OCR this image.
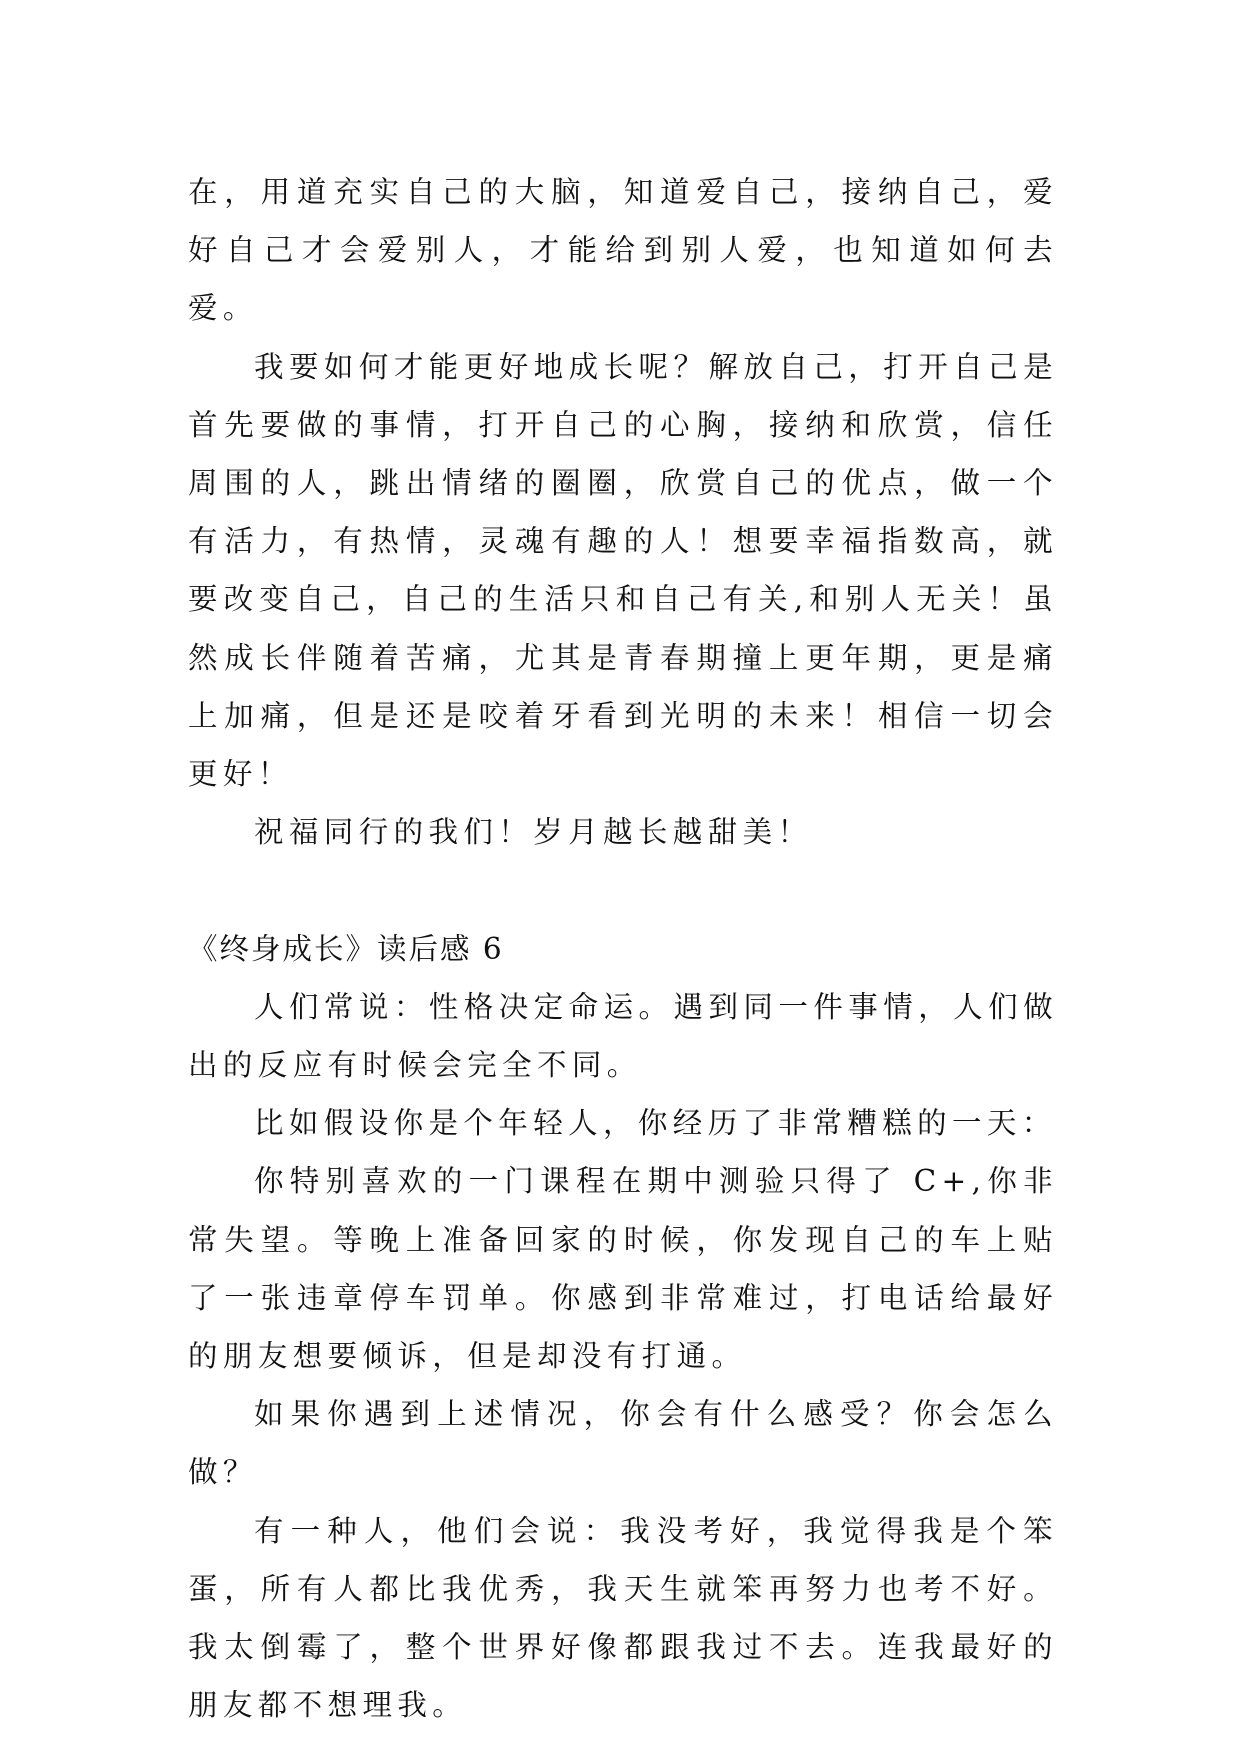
在，用道充实自己的大脑，知道爱自己，接纳自己，爱好自己才会爱别人，才能给到别人爱，也知道如何去爱。

我要如何才能更好地成长呢？解放自己，打开自己是首先要做的事情，打开自己的心胸，接纳和欣赏，信任周围的人，跳出情绪的圈圈，欣赏自己的优点，做一个有活力，有热情，灵魂有趣的人！想要幸福指数高，就要改变自己，自己的生活只和自己有关,和别人无关！虽然成长伴随着苦痛，尤其是青春期撞上更年期，更是痛上加痛，但是还是咬着牙看到光明的未来！相信一切会更好！

祝福同行的我们！岁月越长越甜美！

《终身成长》读后感 6

人们常说：性格决定命运。遇到同一件事情，人们做出的反应有时候会完全不同。

比如假设你是个年轻人，你经历了非常糟糕的一天：

你特别喜欢的一门课程在期中测验只得了 C+,你非常失望。等晚上准备回家的时候，你发现自己的车上贴了一张违章停车罚单。你感到非常难过，打电话给最好的朋友想要倾诉，但是却没有打通。

如果你遇到上述情况，你会有什么感受？你会怎么做？

有一种人，他们会说：我没考好，我觉得我是个笨蛋，所有人都比我优秀，我天生就笨再努力也考不好。我太倒霉了，整个世界好像都跟我过不去。连我最好的朋友都不想理我。
